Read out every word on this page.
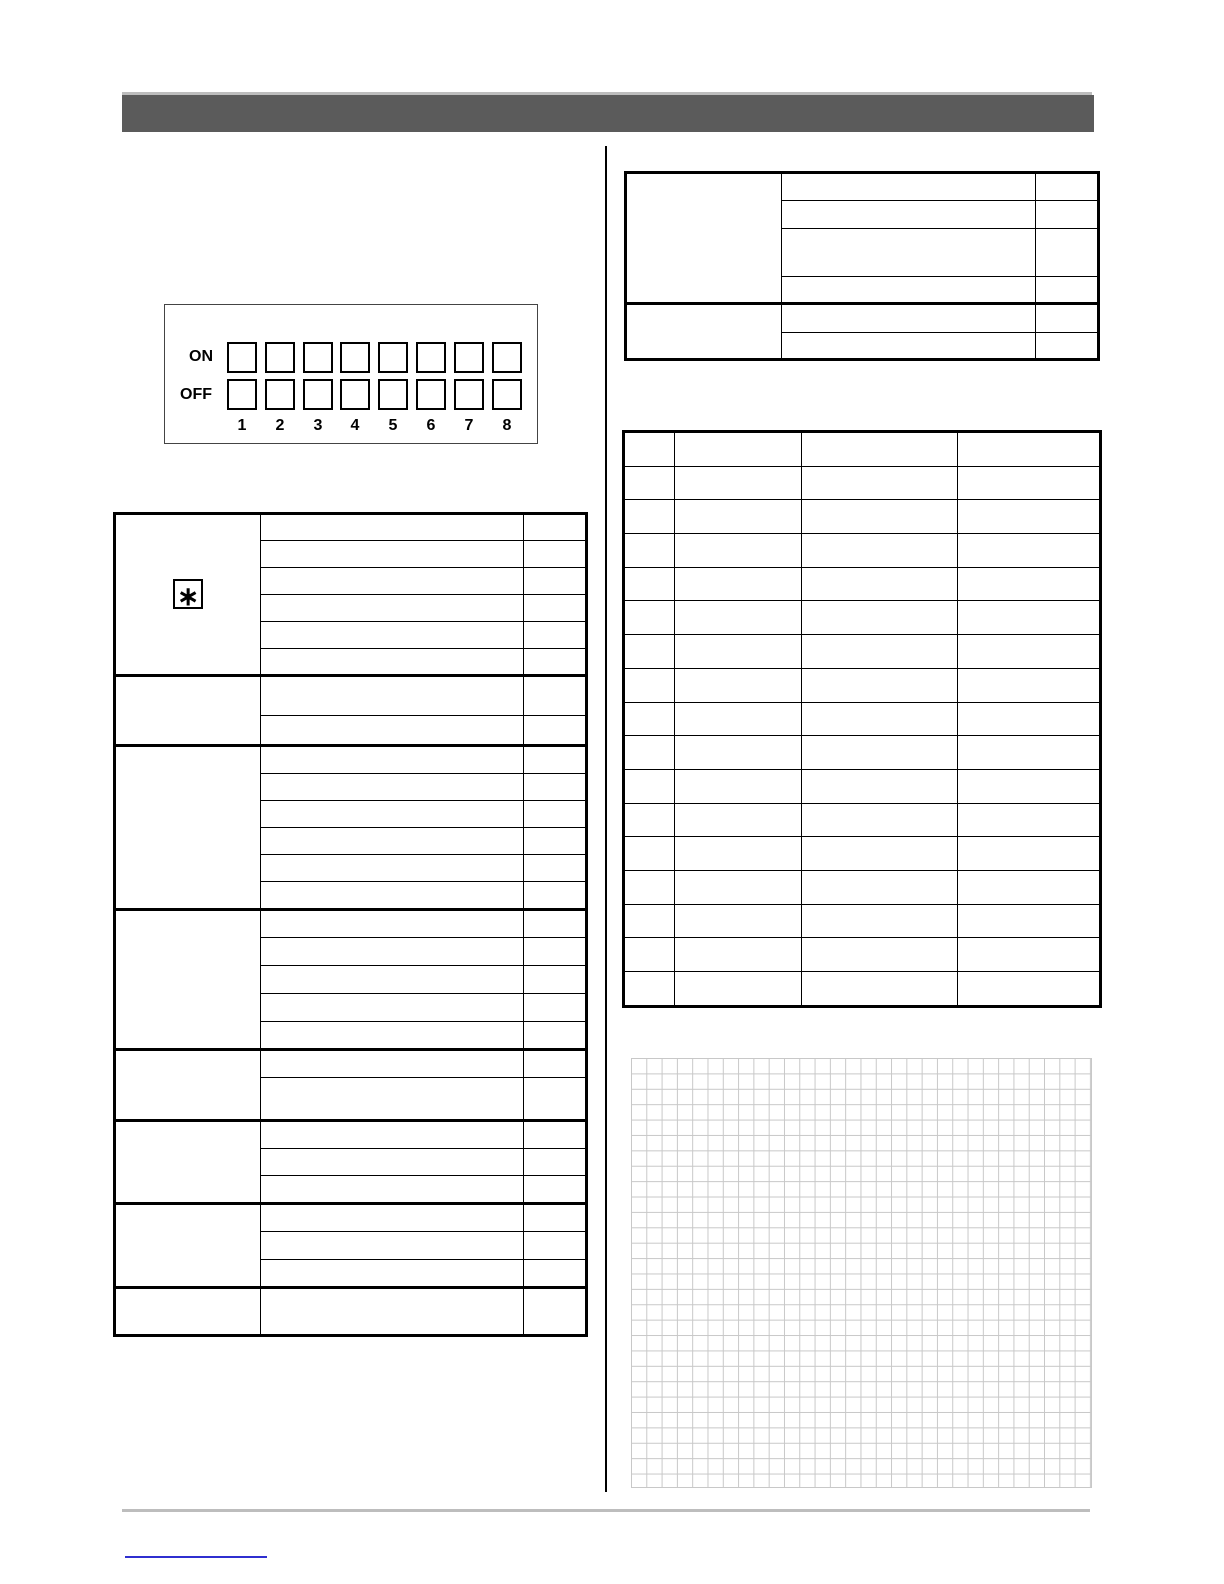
ON
OFF
1	2	3	4	5	6	7	8
∗		
